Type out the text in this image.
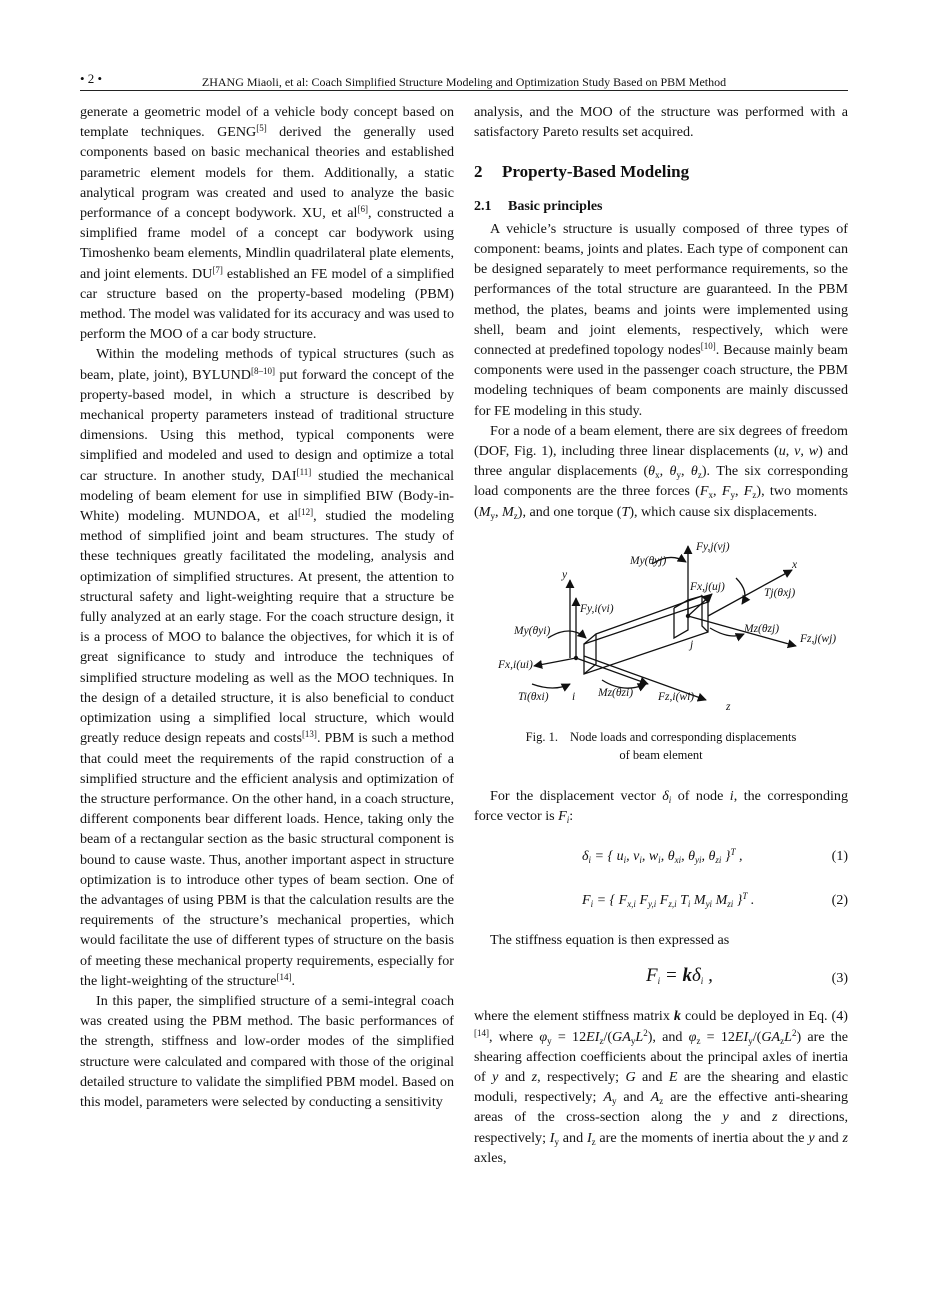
• 2 •	ZHANG Miaoli, et al: Coach Simplified Structure Modeling and Optimization Study Based on PBM Method

generate a geometric model of a vehicle body concept based on template techniques. GENG[5] derived the generally used components based on basic mechanical theories and established parametric element models for them. Additionally, a static analytical program was created and used to analyze the basic performance of a concept bodywork. XU, et al[6], constructed a simplified frame model of a concept car bodywork using Timoshenko beam elements, Mindlin quadrilateral plate elements, and joint elements. DU[7] established an FE model of a simplified car structure based on the property-based modeling (PBM) method. The model was validated for its accuracy and was used to perform the MOO of a car body structure.

Within the modeling methods of typical structures (such as beam, plate, joint), BYLUND[8–10] put forward the concept of the property-based model, in which a structure is described by mechanical property parameters instead of traditional structure dimensions. Using this method, typical components were simplified and modeled and used to design and optimize a total car structure. In another study, DAI[11] studied the mechanical modeling of beam element for use in simplified BIW (Body-in-White) modeling. MUNDOA, et al[12], studied the modeling method of simplified joint and beam structures. The study of these techniques greatly facilitated the modeling, analysis and optimization of simplified structures. At present, the attention to structural safety and light-weighting require that a structure be fully analyzed at an early stage. For the coach structure design, it is a process of MOO to balance the objectives, for which it is of great significance to study and introduce the techniques of simplified structure modeling as well as the MOO techniques. In the design of a detailed structure, it is also beneficial to conduct optimization using a simplified local structure, which would greatly reduce design repeats and costs[13]. PBM is such a method that could meet the requirements of the rapid construction of a simplified structure and the efficient analysis and optimization of the structure performance. On the other hand, in a coach structure, different components bear different loads. Hence, taking only the beam of a rectangular section as the basic structural component is bound to cause waste. Thus, another important aspect in structure optimization is to introduce other types of beam section. One of the advantages of using PBM is that the calculation results are the requirements of the structure’s mechanical properties, which would facilitate the use of different types of structure on the basis of meeting these mechanical property requirements, especially for the light-weighting of the structure[14].

In this paper, the simplified structure of a semi-integral coach was created using the PBM method. The basic performances of the strength, stiffness and low-order modes of the simplified structure were calculated and compared with those of the original detailed structure to validate the simplified PBM model. Based on this model, parameters were selected by conducting a sensitivity

analysis, and the MOO of the structure was performed with a satisfactory Pareto results set acquired.

2 Property-Based Modeling
2.1 Basic principles

A vehicle’s structure is usually composed of three types of component: beams, joints and plates. Each type of component can be designed separately to meet performance requirements, so the performances of the total structure are guaranteed. In the PBM method, the plates, beams and joints were implemented using shell, beam and joint elements, respectively, which were connected at predefined topology nodes[10]. Because mainly beam components were used in the passenger coach structure, the PBM modeling techniques of beam components are mainly discussed for FE modeling in this study.

For a node of a beam element, there are six degrees of freedom (DOF, Fig. 1), including three linear displacements (u, v, w) and three angular displacements ($\theta_x$, $\theta_y$, $\theta_z$). The six corresponding load components are the three forces ($F_x$, $F_y$, $F_z$), two moments ($M_y$, $M_z$), and one torque (T), which cause six displacements.

y
x
z
Fy,j(vj)
My(θyj)
Fx,j(uj)	Tj(θxj)
Mz(θzj)
Fz,j(wj)
j
Fy,i(vi)
My(θyi)
Fx,i(ui)
Ti(θxi) i Mz(θzi) Fz,i(wi)
Fig. 1. Node loads and corresponding displacements
of beam element

For the displacement vector $\delta_i$ of node i, the corresponding force vector is $F_i$:

$\delta_i$ = { $u_i$, $v_i$, $w_i$, $\theta_{xi}$, $\theta_{yi}$, $\theta_{zi}$ }$^T$ ,	(1)
$F_i$ = { $F_{x,i}$ $F_{y,i}$ $F_{z,i}$ $T_i$ $M_{yi}$ $M_{zi}$ }$^T$ .	(2)

The stiffness equation is then expressed as

$F_i = k\delta_i$ ,	(3)

where the element stiffness matrix k could be deployed in Eq. (4)[14], where $\varphi_y = 12EI_z/(GA_yL^2)$, and $\varphi_z = 12EI_y/(GA_zL^2)$ are the shearing affection coefficients about the principal axles of inertia of y and z, respectively; G and E are the shearing and elastic moduli, respectively; $A_y$ and $A_z$ are the effective anti-shearing areas of the cross-section along the y and z directions, respectively; $I_y$ and $I_z$ are the moments of inertia about the y and z axles,
